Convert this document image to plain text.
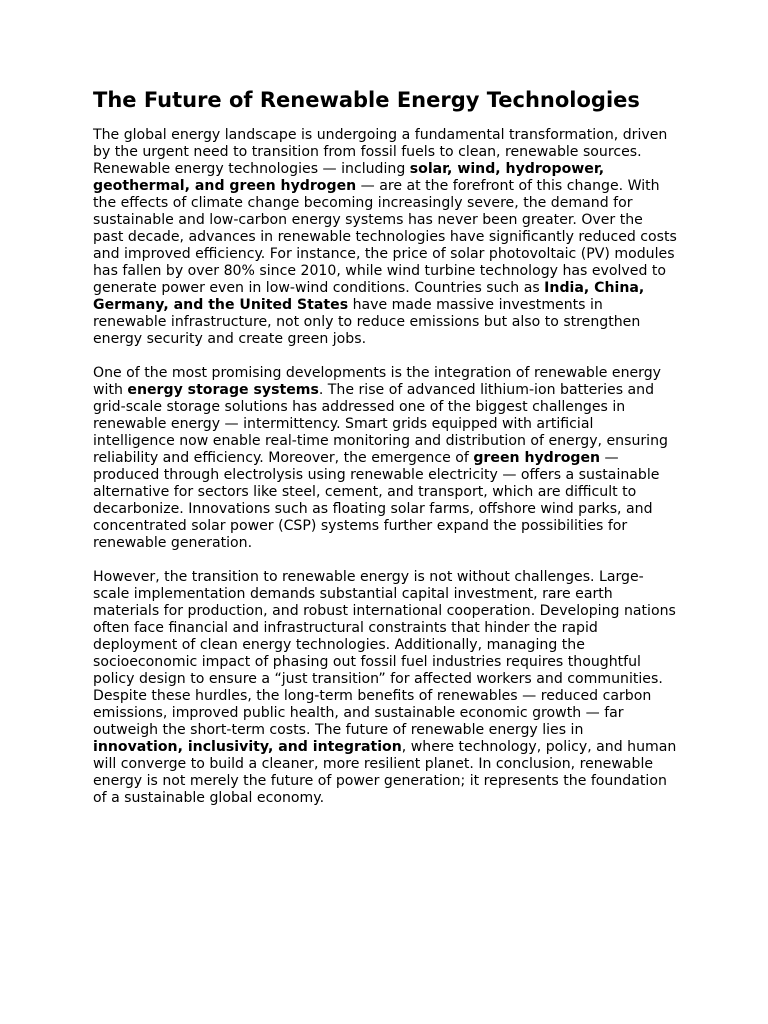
The Future of Renewable Energy Technologies

The global energy landscape is undergoing a fundamental transformation, driven by the urgent need to transition from fossil fuels to clean, renewable sources. Renewable energy technologies — including solar, wind, hydropower, geothermal, and green hydrogen — are at the forefront of this change. With the effects of climate change becoming increasingly severe, the demand for sustainable and low-carbon energy systems has never been greater. Over the past decade, advances in renewable technologies have significantly reduced costs and improved efficiency. For instance, the price of solar photovoltaic (PV) modules has fallen by over 80% since 2010, while wind turbine technology has evolved to generate power even in low-wind conditions. Countries such as India, China, Germany, and the United States have made massive investments in renewable infrastructure, not only to reduce emissions but also to strengthen energy security and create green jobs.

One of the most promising developments is the integration of renewable energy with energy storage systems. The rise of advanced lithium-ion batteries and grid-scale storage solutions has addressed one of the biggest challenges in renewable energy — intermittency. Smart grids equipped with artificial intelligence now enable real-time monitoring and distribution of energy, ensuring reliability and efficiency. Moreover, the emergence of green hydrogen — produced through electrolysis using renewable electricity — offers a sustainable alternative for sectors like steel, cement, and transport, which are difficult to decarbonize. Innovations such as floating solar farms, offshore wind parks, and concentrated solar power (CSP) systems further expand the possibilities for renewable generation.

However, the transition to renewable energy is not without challenges. Large-scale implementation demands substantial capital investment, rare earth materials for production, and robust international cooperation. Developing nations often face financial and infrastructural constraints that hinder the rapid deployment of clean energy technologies. Additionally, managing the socioeconomic impact of phasing out fossil fuel industries requires thoughtful policy design to ensure a “just transition” for affected workers and communities. Despite these hurdles, the long-term benefits of renewables — reduced carbon emissions, improved public health, and sustainable economic growth — far outweigh the short-term costs. The future of renewable energy lies in innovation, inclusivity, and integration, where technology, policy, and human will converge to build a cleaner, more resilient planet. In conclusion, renewable energy is not merely the future of power generation; it represents the foundation of a sustainable global economy.
